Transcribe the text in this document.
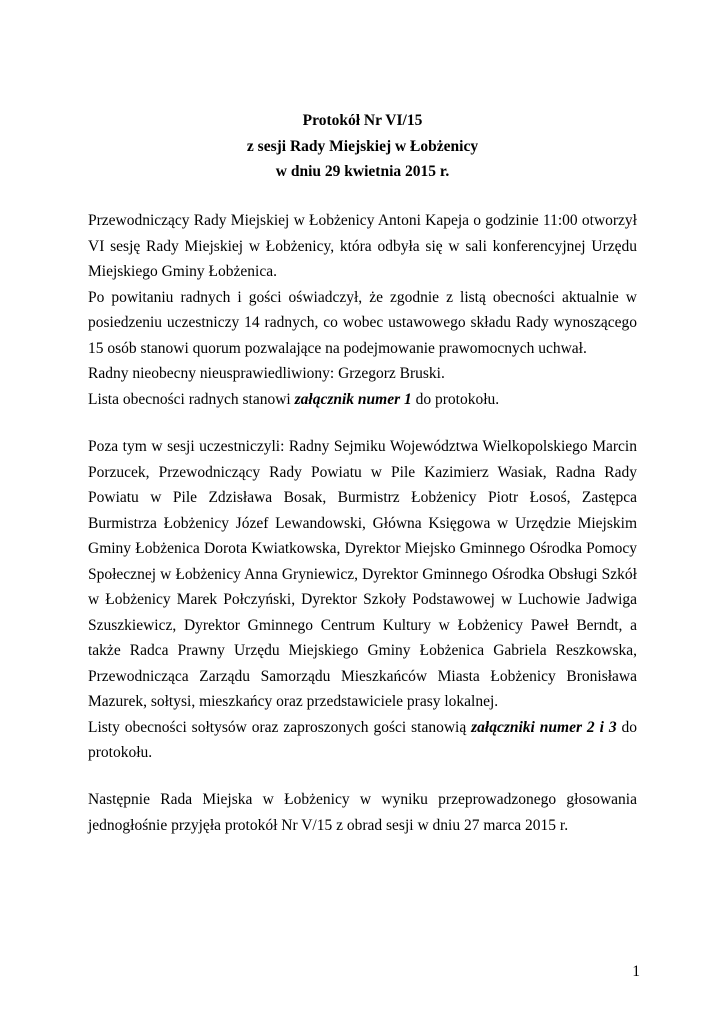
Protokół Nr VI/15
z sesji Rady Miejskiej w Łobżenicy
w dniu 29 kwietnia 2015 r.

Przewodniczący Rady Miejskiej w Łobżenicy Antoni Kapeja o godzinie 11:00 otworzył VI sesję Rady Miejskiej w Łobżenicy, która odbyła się w sali konferencyjnej Urzędu Miejskiego Gminy Łobżenica.

Po powitaniu radnych i gości oświadczył, że zgodnie z listą obecności aktualnie w posiedzeniu uczestniczy 14 radnych, co wobec ustawowego składu Rady wynoszącego 15 osób stanowi quorum pozwalające na podejmowanie prawomocnych uchwał.

Radny nieobecny nieusprawiedliwiony: Grzegorz Bruski.

Lista obecności radnych stanowi załącznik numer 1 do protokołu.

Poza tym w sesji uczestniczyli: Radny Sejmiku Województwa Wielkopolskiego Marcin Porzucek, Przewodniczący Rady Powiatu w Pile Kazimierz Wasiak, Radna Rady Powiatu w Pile Zdzisława Bosak, Burmistrz Łobżenicy Piotr Łosoś, Zastępca Burmistrza Łobżenicy Józef Lewandowski, Główna Księgowa w Urzędzie Miejskim Gminy Łobżenica Dorota Kwiatkowska, Dyrektor Miejsko Gminnego Ośrodka Pomocy Społecznej w Łobżenicy Anna Gryniewicz, Dyrektor Gminnego Ośrodka Obsługi Szkół w Łobżenicy Marek Połczyński, Dyrektor Szkoły Podstawowej w Luchowie Jadwiga Szuszkiewicz, Dyrektor Gminnego Centrum Kultury w Łobżenicy Paweł Berndt, a także Radca Prawny Urzędu Miejskiego Gminy Łobżenica Gabriela Reszkowska, Przewodnicząca Zarządu Samorządu Mieszkańców Miasta Łobżenicy Bronisława Mazurek, sołtysi, mieszkańcy oraz przedstawiciele prasy lokalnej.

Listy obecności sołtysów oraz zaproszonych gości stanowią załączniki numer 2 i 3 do protokołu.

Następnie Rada Miejska w Łobżenicy w wyniku przeprowadzonego głosowania jednogłośnie przyjęła protokół Nr V/15 z obrad sesji w dniu 27 marca 2015 r.

1
